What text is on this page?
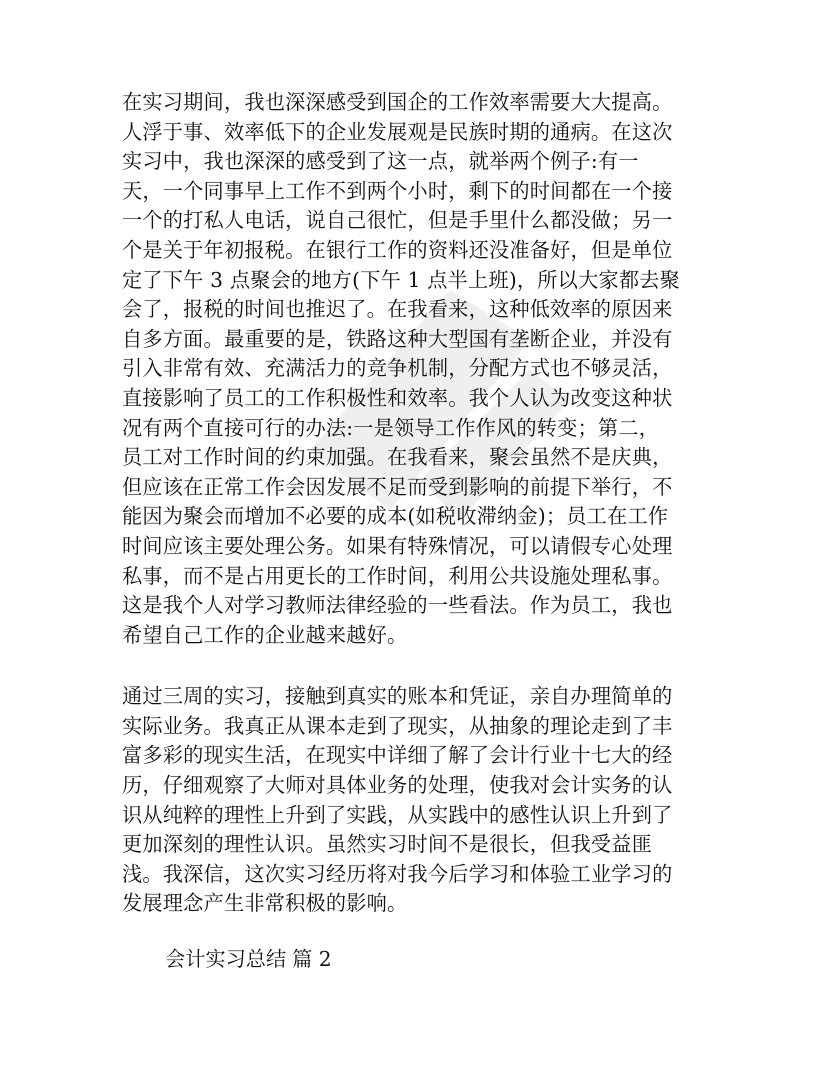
在实习期间，我也深深感受到国企的工作效率需要大大提高。
人浮于事、效率低下的企业发展观是民族时期的通病。在这次
实习中，我也深深的感受到了这一点，就举两个例子:有一
天，一个同事早上工作不到两个小时，剩下的时间都在一个接
一个的打私人电话，说自己很忙，但是手里什么都没做；另一
个是关于年初报税。在银行工作的资料还没准备好，但是单位
定了下午 3 点聚会的地方(下午 1 点半上班)，所以大家都去聚
会了，报税的时间也推迟了。在我看来，这种低效率的原因来
自多方面。最重要的是，铁路这种大型国有垄断企业，并没有
引入非常有效、充满活力的竞争机制，分配方式也不够灵活，
直接影响了员工的工作积极性和效率。我个人认为改变这种状
况有两个直接可行的办法:一是领导工作作风的转变；第二，
员工对工作时间的约束加强。在我看来，聚会虽然不是庆典，
但应该在正常工作会因发展不足而受到影响的前提下举行，不
能因为聚会而增加不必要的成本(如税收滞纳金)；员工在工作
时间应该主要处理公务。如果有特殊情况，可以请假专心处理
私事，而不是占用更长的工作时间，利用公共设施处理私事。
这是我个人对学习教师法律经验的一些看法。作为员工，我也
希望自己工作的企业越来越好。
通过三周的实习，接触到真实的账本和凭证，亲自办理简单的
实际业务。我真正从课本走到了现实，从抽象的理论走到了丰
富多彩的现实生活，在现实中详细了解了会计行业十七大的经
历，仔细观察了大师对具体业务的处理，使我对会计实务的认
识从纯粹的理性上升到了实践，从实践中的感性认识上升到了
更加深刻的理性认识。虽然实习时间不是很长，但我受益匪
浅。我深信，这次实习经历将对我今后学习和体验工业学习的
发展理念产生非常积极的影响。
会计实习总结 篇 2
